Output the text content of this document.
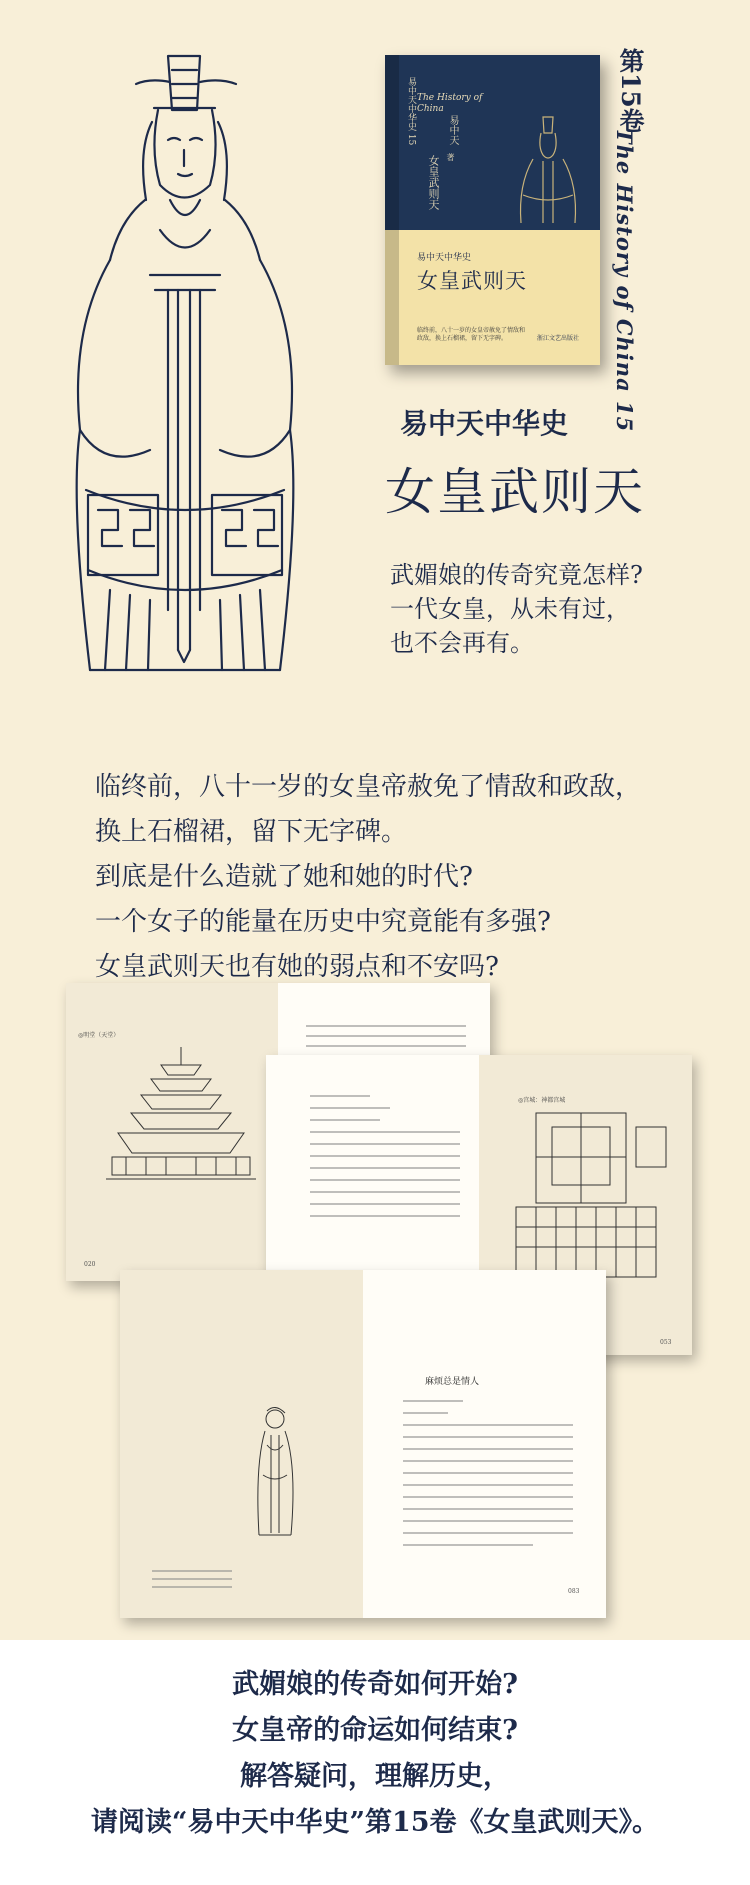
The History of China
易中天中华史 15	易中天
著
女皇武则天
易中天中华史
女皇武则天
临终前，八十一岁的女皇帝赦免了情敌和政敌，换上石榴裙，留下无字碑。	浙江文艺出版社
第15卷
The History of China 15
易中天中华史
女皇武则天
武媚娘的传奇究竟怎样?
一代女皇，从未有过，
也不会再有。
临终前，八十一岁的女皇帝赦免了情敌和政敌，
换上石榴裙，留下无字碑。
到底是什么造就了她和她的时代?
一个女子的能量在历史中究竟能有多强?
女皇武则天也有她的弱点和不安吗?
◎明堂（天堂）
020
◎宫城：神都宫城
053
麻烦总是情人
083
武媚娘的传奇如何开始?
女皇帝的命运如何结束?
解答疑问，理解历史，
请阅读“易中天中华史”第15卷《女皇武则天》。
